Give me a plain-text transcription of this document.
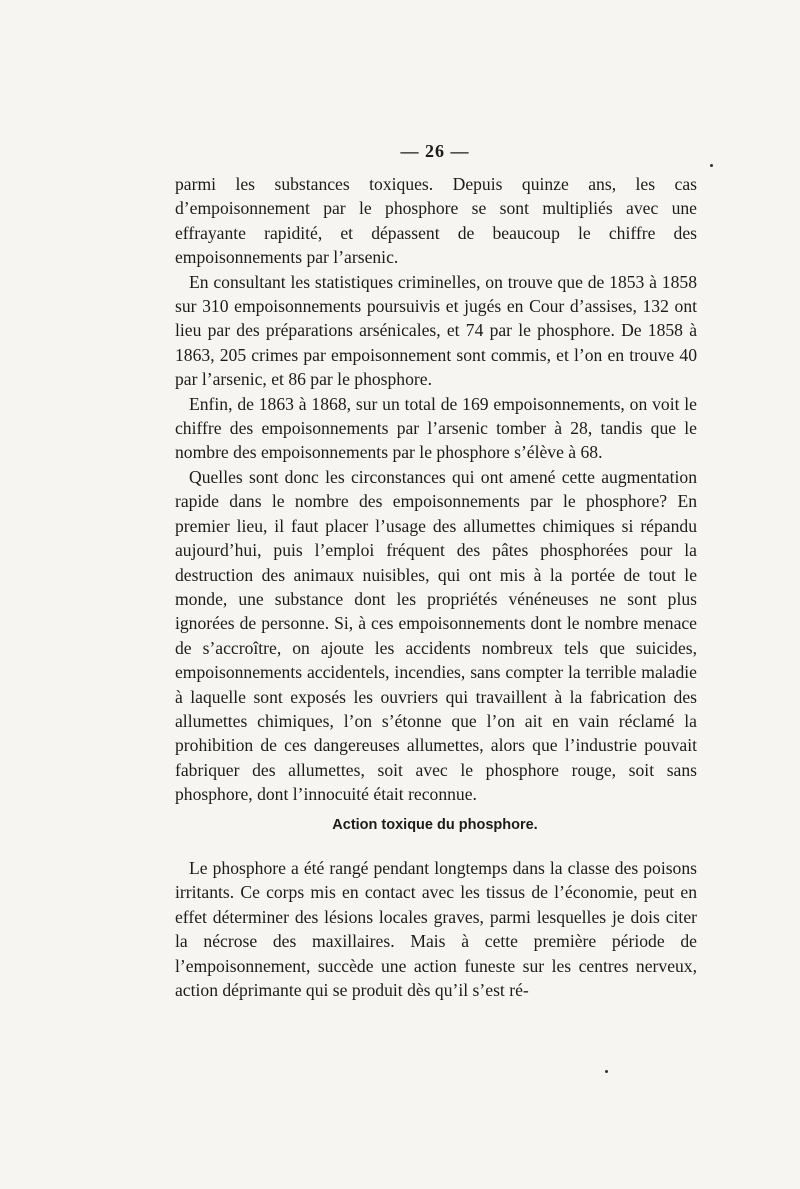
— 26 —

parmi les substances toxiques. Depuis quinze ans, les cas d’empoisonnement par le phosphore se sont multipliés avec une effrayante rapidité, et dépassent de beaucoup le chiffre des empoisonnements par l’arsenic.

En consultant les statistiques criminelles, on trouve que de 1853 à 1858 sur 310 empoisonnements poursuivis et jugés en Cour d’assises, 132 ont lieu par des préparations arsénicales, et 74 par le phosphore. De 1858 à 1863, 205 crimes par empoisonnement sont commis, et l’on en trouve 40 par l’arsenic, et 86 par le phosphore.

Enfin, de 1863 à 1868, sur un total de 169 empoisonnements, on voit le chiffre des empoisonnements par l’arsenic tomber à 28, tandis que le nombre des empoisonnements par le phosphore s’élève à 68.

Quelles sont donc les circonstances qui ont amené cette augmentation rapide dans le nombre des empoisonnements par le phosphore? En premier lieu, il faut placer l’usage des allumettes chimiques si répandu aujourd’hui, puis l’emploi fréquent des pâtes phosphorées pour la destruction des animaux nuisibles, qui ont mis à la portée de tout le monde, une substance dont les propriétés vénéneuses ne sont plus ignorées de personne. Si, à ces empoisonnements dont le nombre menace de s’accroître, on ajoute les accidents nombreux tels que suicides, empoisonnements accidentels, incendies, sans compter la terrible maladie à laquelle sont exposés les ouvriers qui travaillent à la fabrication des allumettes chimiques, l’on s’étonne que l’on ait en vain réclamé la prohibition de ces dangereuses allumettes, alors que l’industrie pouvait fabriquer des allumettes, soit avec le phosphore rouge, soit sans phosphore, dont l’innocuité était reconnue.

Action toxique du phosphore.

Le phosphore a été rangé pendant longtemps dans la classe des poisons irritants. Ce corps mis en contact avec les tissus de l’économie, peut en effet déterminer des lésions locales graves, parmi lesquelles je dois citer la nécrose des maxillaires. Mais à cette première période de l’empoisonnement, succède une action funeste sur les centres nerveux, action déprimante qui se produit dès qu’il s’est ré-
